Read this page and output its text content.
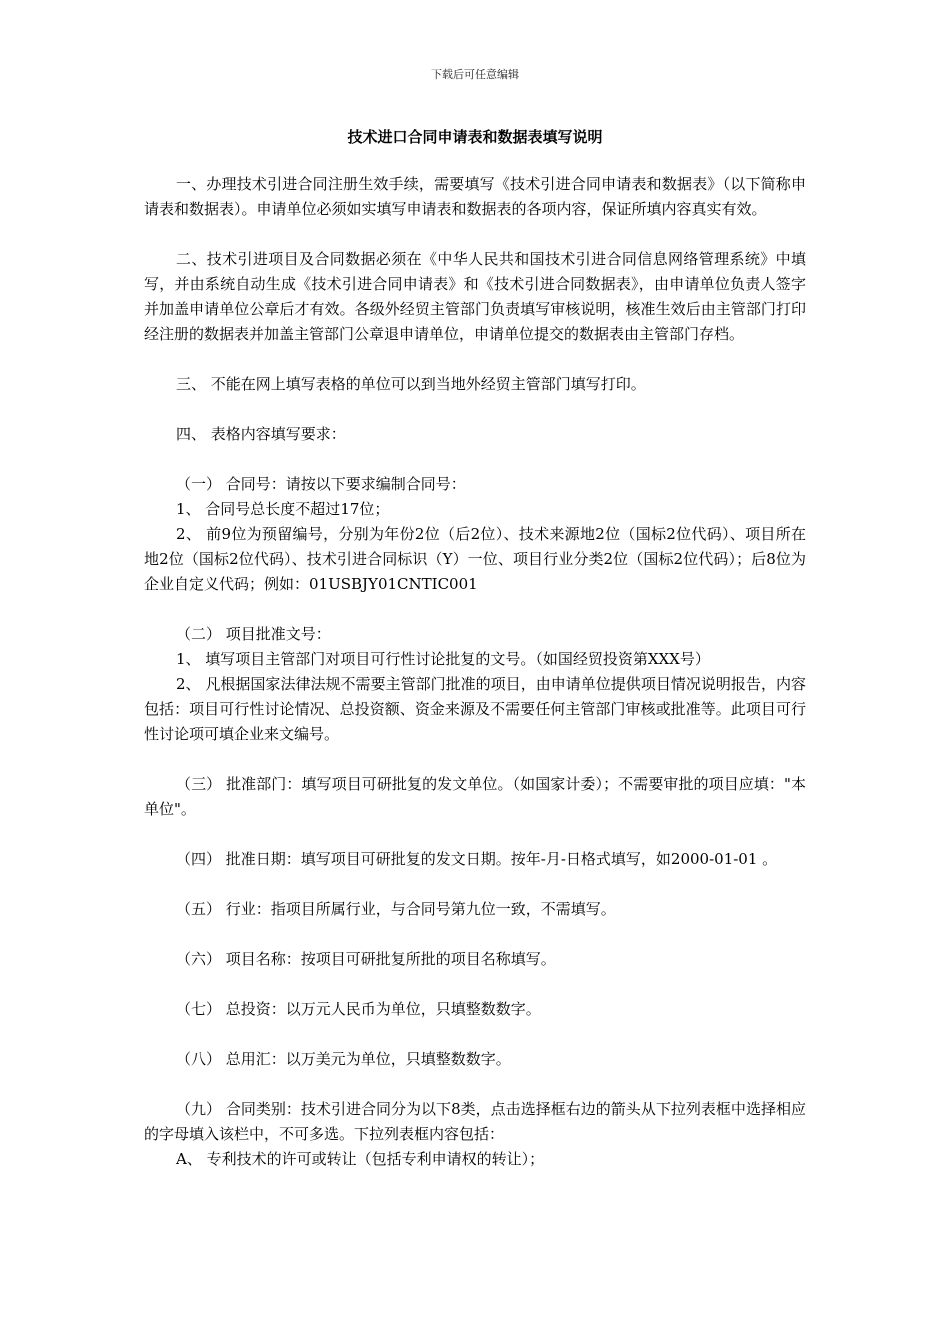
下载后可任意编辑
技术进口合同申请表和数据表填写说明

一、办理技术引进合同注册生效手续，需要填写《技术引进合同申请表和数据表》（以下简称申请表和数据表）。申请单位必须如实填写申请表和数据表的各项内容，保证所填内容真实有效。

二、技术引进项目及合同数据必须在《中华人民共和国技术引进合同信息网络管理系统》中填写，并由系统自动生成《技术引进合同申请表》和《技术引进合同数据表》，由申请单位负责人签字并加盖申请单位公章后才有效。各级外经贸主管部门负责填写审核说明，核准生效后由主管部门打印经注册的数据表并加盖主管部门公章退申请单位，申请单位提交的数据表由主管部门存档。

三、 不能在网上填写表格的单位可以到当地外经贸主管部门填写打印。

四、 表格内容填写要求：

（一） 合同号：请按以下要求编制合同号：

1、 合同号总长度不超过17位；

2、 前9位为预留编号，分别为年份2位（后2位）、技术来源地2位（国标2位代码）、项目所在地2位（国标2位代码）、技术引进合同标识（Y）一位、项目行业分类2位（国标2位代码）；后8位为企业自定义代码；例如：01USBJY01CNTIC001

（二） 项目批准文号：

1、 填写项目主管部门对项目可行性讨论批复的文号。（如国经贸投资第XXX号）

2、 凡根据国家法律法规不需要主管部门批准的项目，由申请单位提供项目情况说明报告，内容包括：项目可行性讨论情况、总投资额、资金来源及不需要任何主管部门审核或批准等。此项目可行性讨论项可填企业来文编号。

（三） 批准部门：填写项目可研批复的发文单位。（如国家计委）；不需要审批的项目应填："本单位"。

（四） 批准日期：填写项目可研批复的发文日期。按年-月-日格式填写，如2000-01-01 。

（五） 行业：指项目所属行业，与合同号第九位一致，不需填写。

（六） 项目名称：按项目可研批复所批的项目名称填写。

（七） 总投资：以万元人民币为单位，只填整数数字。

（八） 总用汇：以万美元为单位，只填整数数字。

（九） 合同类别：技术引进合同分为以下8类，点击选择框右边的箭头从下拉列表框中选择相应的字母填入该栏中，不可多选。下拉列表框内容包括：

A、 专利技术的许可或转让（包括专利申请权的转让）；
